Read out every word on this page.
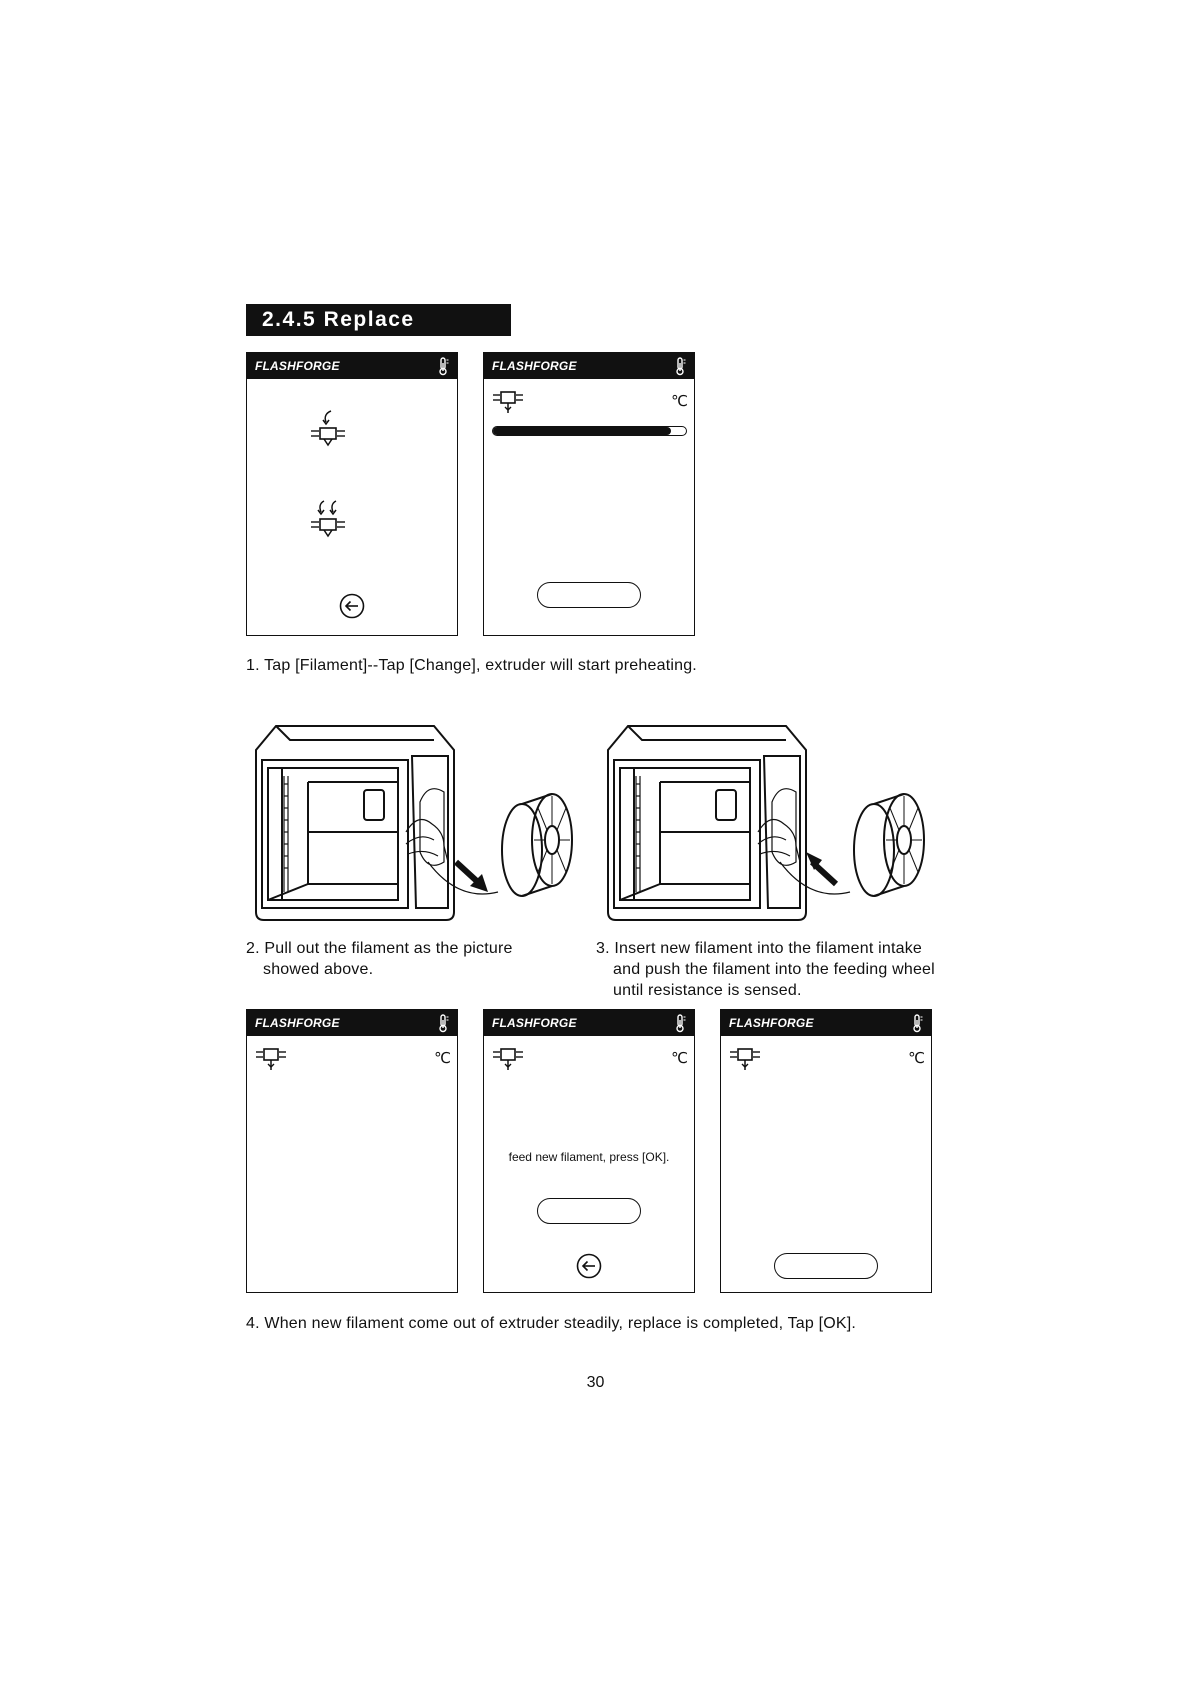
2.4.5 Replace
FLASHFORGE	FLASHFORGE
℃
1. Tap [Filament]--Tap [Change], extruder will start preheating.
2. Pull out the filament as the picture
showed above.
3. Insert new filament into the filament intake
and push the filament into the feeding wheel
until resistance is sensed.
FLASHFORGE
℃
FLASHFORGE
℃
feed new filament, press [OK].
FLASHFORGE
℃
4. When new filament come out of extruder steadily, replace is completed, Tap [OK].
30
